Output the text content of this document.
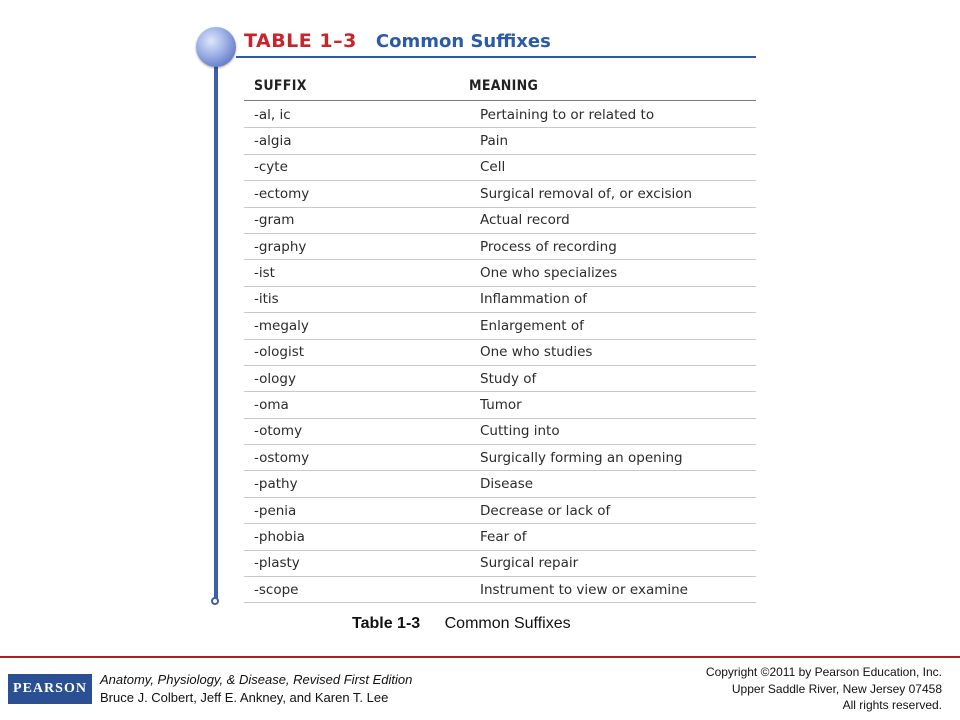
TABLE 1–3 Common Suffixes
SUFFIX	MEANING
-al, ic	Pertaining to or related to
-algia	Pain
-cyte	Cell
-ectomy	Surgical removal of, or excision
-gram	Actual record
-graphy	Process of recording
-ist	One who specializes
-itis	Inflammation of
-megaly	Enlargement of
-ologist	One who studies
-ology	Study of
-oma	Tumor
-otomy	Cutting into
-ostomy	Surgically forming an opening
-pathy	Disease
-penia	Decrease or lack of
-phobia	Fear of
-plasty	Surgical repair
-scope	Instrument to view or examine
Table 1-3 Common Suffixes
PEARSON
Anatomy, Physiology, & Disease, Revised First Edition
Bruce J. Colbert, Jeff E. Ankney, and Karen T. Lee
Copyright ©2011 by Pearson Education, Inc.
Upper Saddle River, New Jersey 07458
All rights reserved.
